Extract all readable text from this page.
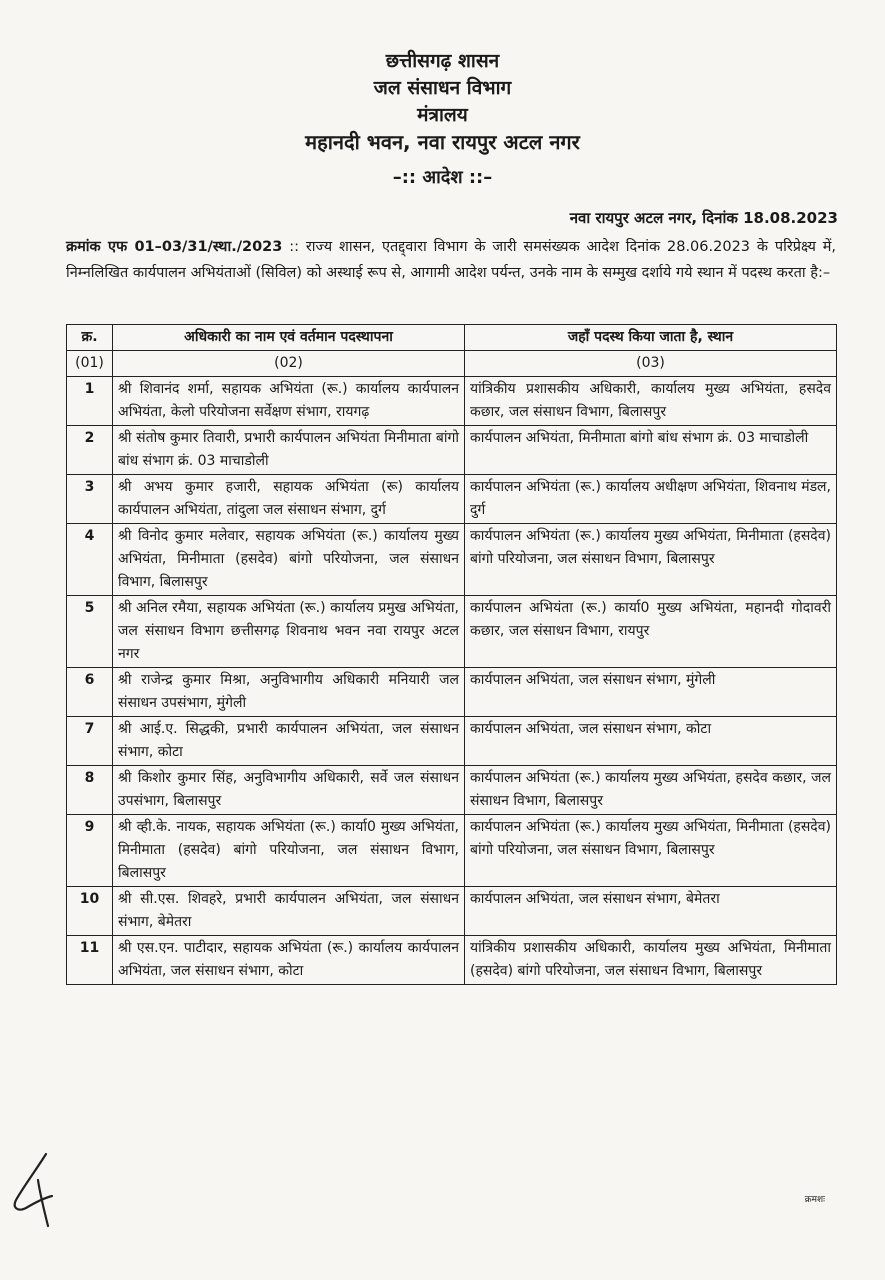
छत्तीसगढ़ शासन
जल संसाधन विभाग
मंत्रालय
महानदी भवन, नवा रायपुर अटल नगर
–:: आदेश ::–
नवा रायपुर अटल नगर, दिनांक 18.08.2023
क्रमांक एफ 01–03/31/स्था./2023 :: राज्य शासन, एतद्द्वारा विभाग के जारी समसंख्यक आदेश दिनांक 28.06.2023 के परिप्रेक्ष्य में, निम्नलिखित कार्यपालन अभियंताओं (सिविल) को अस्थाई रूप से, आगामी आदेश पर्यन्त, उनके नाम के सम्मुख दर्शाये गये स्थान में पदस्थ करता है:–
क्र.	अधिकारी का नाम एवं वर्तमान पदस्थापना	जहाँ पदस्थ किया जाता है, स्थान
(01)	(02)	(03)
1	श्री शिवानंद शर्मा, सहायक अभियंता (रू.) कार्यालय कार्यपालन अभियंता, केलो परियोजना सर्वेक्षण संभाग, रायगढ़	यांत्रिकीय प्रशासकीय अधिकारी, कार्यालय मुख्य अभियंता, हसदेव कछार, जल संसाधन विभाग, बिलासपुर
2	श्री संतोष कुमार तिवारी, प्रभारी कार्यपालन अभियंता मिनीमाता बांगो बांध संभाग क्रं. 03 माचाडोली	कार्यपालन अभियंता, मिनीमाता बांगो बांध संभाग क्रं. 03 माचाडोली
3	श्री अभय कुमार हजारी, सहायक अभियंता (रू) कार्यालय कार्यपालन अभियंता, तांदुला जल संसाधन संभाग, दुर्ग	कार्यपालन अभियंता (रू.) कार्यालय अधीक्षण अभियंता, शिवनाथ मंडल, दुर्ग
4	श्री विनोद कुमार मलेवार, सहायक अभियंता (रू.) कार्यालय मुख्य अभियंता, मिनीमाता (हसदेव) बांगो परियोजना, जल संसाधन विभाग, बिलासपुर	कार्यपालन अभियंता (रू.) कार्यालय मुख्य अभियंता, मिनीमाता (हसदेव) बांगो परियोजना, जल संसाधन विभाग, बिलासपुर
5	श्री अनिल रमैया, सहायक अभियंता (रू.) कार्यालय प्रमुख अभियंता, जल संसाधन विभाग छत्तीसगढ़ शिवनाथ भवन नवा रायपुर अटल नगर	कार्यपालन अभियंता (रू.) कार्या0 मुख्य अभियंता, महानदी गोदावरी कछार, जल संसाधन विभाग, रायपुर
6	श्री राजेन्द्र कुमार मिश्रा, अनुविभागीय अधिकारी मनियारी जल संसाधन उपसंभाग, मुंगेली	कार्यपालन अभियंता, जल संसाधन संभाग, मुंगेली
7	श्री आई.ए. सिद्धकी, प्रभारी कार्यपालन अभियंता, जल संसाधन संभाग, कोटा	कार्यपालन अभियंता, जल संसाधन संभाग, कोटा
8	श्री किशोर कुमार सिंह, अनुविभागीय अधिकारी, सर्वे जल संसाधन उपसंभाग, बिलासपुर	कार्यपालन अभियंता (रू.) कार्यालय मुख्य अभियंता, हसदेव कछार, जल संसाधन विभाग, बिलासपुर
9	श्री व्ही.के. नायक, सहायक अभियंता (रू.) कार्या0 मुख्य अभियंता, मिनीमाता (हसदेव) बांगो परियोजना, जल संसाधन विभाग, बिलासपुर	कार्यपालन अभियंता (रू.) कार्यालय मुख्य अभियंता, मिनीमाता (हसदेव) बांगो परियोजना, जल संसाधन विभाग, बिलासपुर
10	श्री सी.एस. शिवहरे, प्रभारी कार्यपालन अभियंता, जल संसाधन संभाग, बेमेतरा	कार्यपालन अभियंता, जल संसाधन संभाग, बेमेतरा
11	श्री एस.एन. पाटीदार, सहायक अभियंता (रू.) कार्यालय कार्यपालन अभियंता, जल संसाधन संभाग, कोटा	यांत्रिकीय प्रशासकीय अधिकारी, कार्यालय मुख्य अभियंता, मिनीमाता (हसदेव) बांगो परियोजना, जल संसाधन विभाग, बिलासपुर
क्रमशः
